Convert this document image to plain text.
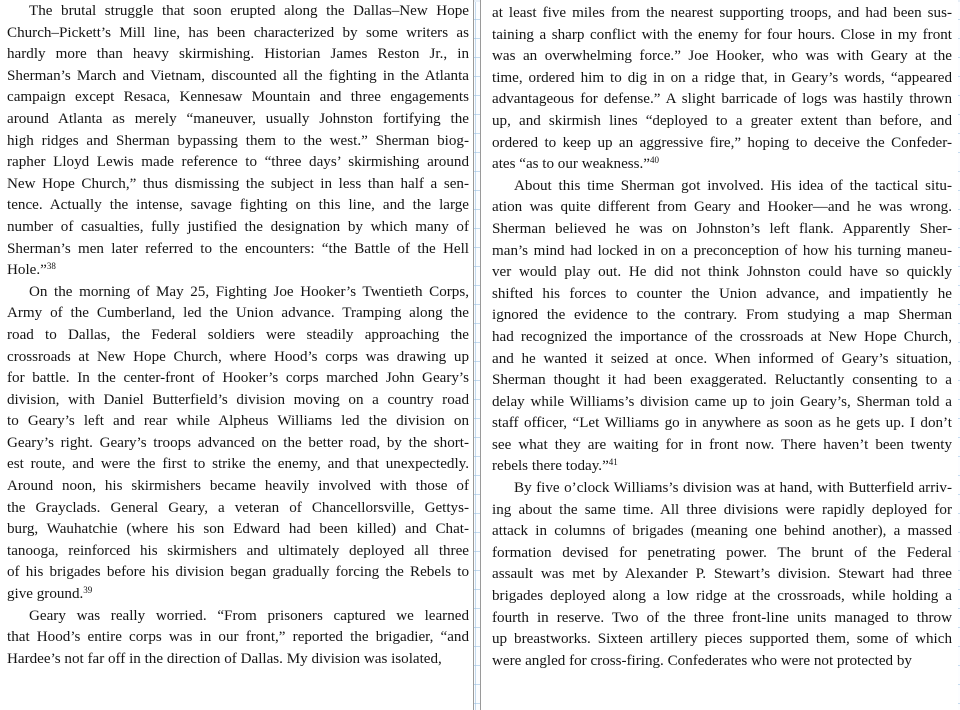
The brutal struggle that soon erupted along the Dallas–New Hope
Church–Pickett’s Mill line, has been characterized by some writers as
hardly more than heavy skirmishing. Historian James Reston Jr., in
Sherman’s March and Vietnam, discounted all the fighting in the Atlanta
campaign except Resaca, Kennesaw Mountain and three engagements
around Atlanta as merely “maneuver, usually Johnston fortifying the
high ridges and Sherman bypassing them to the west.” Sherman biog-
rapher Lloyd Lewis made reference to “three days’ skirmishing around
New Hope Church,” thus dismissing the subject in less than half a sen-
tence. Actually the intense, savage fighting on this line, and the large
number of casualties, fully justified the designation by which many of
Sherman’s men later referred to the encounters: “the Battle of the Hell
Hole.”$^{38}$
On the morning of May 25, Fighting Joe Hooker’s Twentieth Corps,
Army of the Cumberland, led the Union advance. Tramping along the
road to Dallas, the Federal soldiers were steadily approaching the
crossroads at New Hope Church, where Hood’s corps was drawing up
for battle. In the center-front of Hooker’s corps marched John Geary’s
division, with Daniel Butterfield’s division moving on a country road
to Geary’s left and rear while Alpheus Williams led the division on
Geary’s right. Geary’s troops advanced on the better road, by the short-
est route, and were the first to strike the enemy, and that unexpectedly.
Around noon, his skirmishers became heavily involved with those of
the Grayclads. General Geary, a veteran of Chancellorsville, Gettys-
burg, Wauhatchie (where his son Edward had been killed) and Chat-
tanooga, reinforced his skirmishers and ultimately deployed all three
of his brigades before his division began gradually forcing the Rebels to
give ground.$^{39}$
Geary was really worried. “From prisoners captured we learned
that Hood’s entire corps was in our front,” reported the brigadier, “and
Hardee’s not far off in the direction of Dallas. My division was isolated,
at least five miles from the nearest supporting troops, and had been sus-
taining a sharp conflict with the enemy for four hours. Close in my front
was an overwhelming force.” Joe Hooker, who was with Geary at the
time, ordered him to dig in on a ridge that, in Geary’s words, “appeared
advantageous for defense.” A slight barricade of logs was hastily thrown
up, and skirmish lines “deployed to a greater extent than before, and
ordered to keep up an aggressive fire,” hoping to deceive the Confeder-
ates “as to our weakness.”$^{40}$
About this time Sherman got involved. His idea of the tactical situ-
ation was quite different from Geary and Hooker—and he was wrong.
Sherman believed he was on Johnston’s left flank. Apparently Sher-
man’s mind had locked in on a preconception of how his turning maneu-
ver would play out. He did not think Johnston could have so quickly
shifted his forces to counter the Union advance, and impatiently he
ignored the evidence to the contrary. From studying a map Sherman
had recognized the importance of the crossroads at New Hope Church,
and he wanted it seized at once. When informed of Geary’s situation,
Sherman thought it had been exaggerated. Reluctantly consenting to a
delay while Williams’s division came up to join Geary’s, Sherman told a
staff officer, “Let Williams go in anywhere as soon as he gets up. I don’t
see what they are waiting for in front now. There haven’t been twenty
rebels there today.”$^{41}$
By five o’clock Williams’s division was at hand, with Butterfield arriv-
ing about the same time. All three divisions were rapidly deployed for
attack in columns of brigades (meaning one behind another), a massed
formation devised for penetrating power. The brunt of the Federal
assault was met by Alexander P. Stewart’s division. Stewart had three
brigades deployed along a low ridge at the crossroads, while holding a
fourth in reserve. Two of the three front-line units managed to throw
up breastworks. Sixteen artillery pieces supported them, some of which
were angled for cross-firing. Confederates who were not protected by
